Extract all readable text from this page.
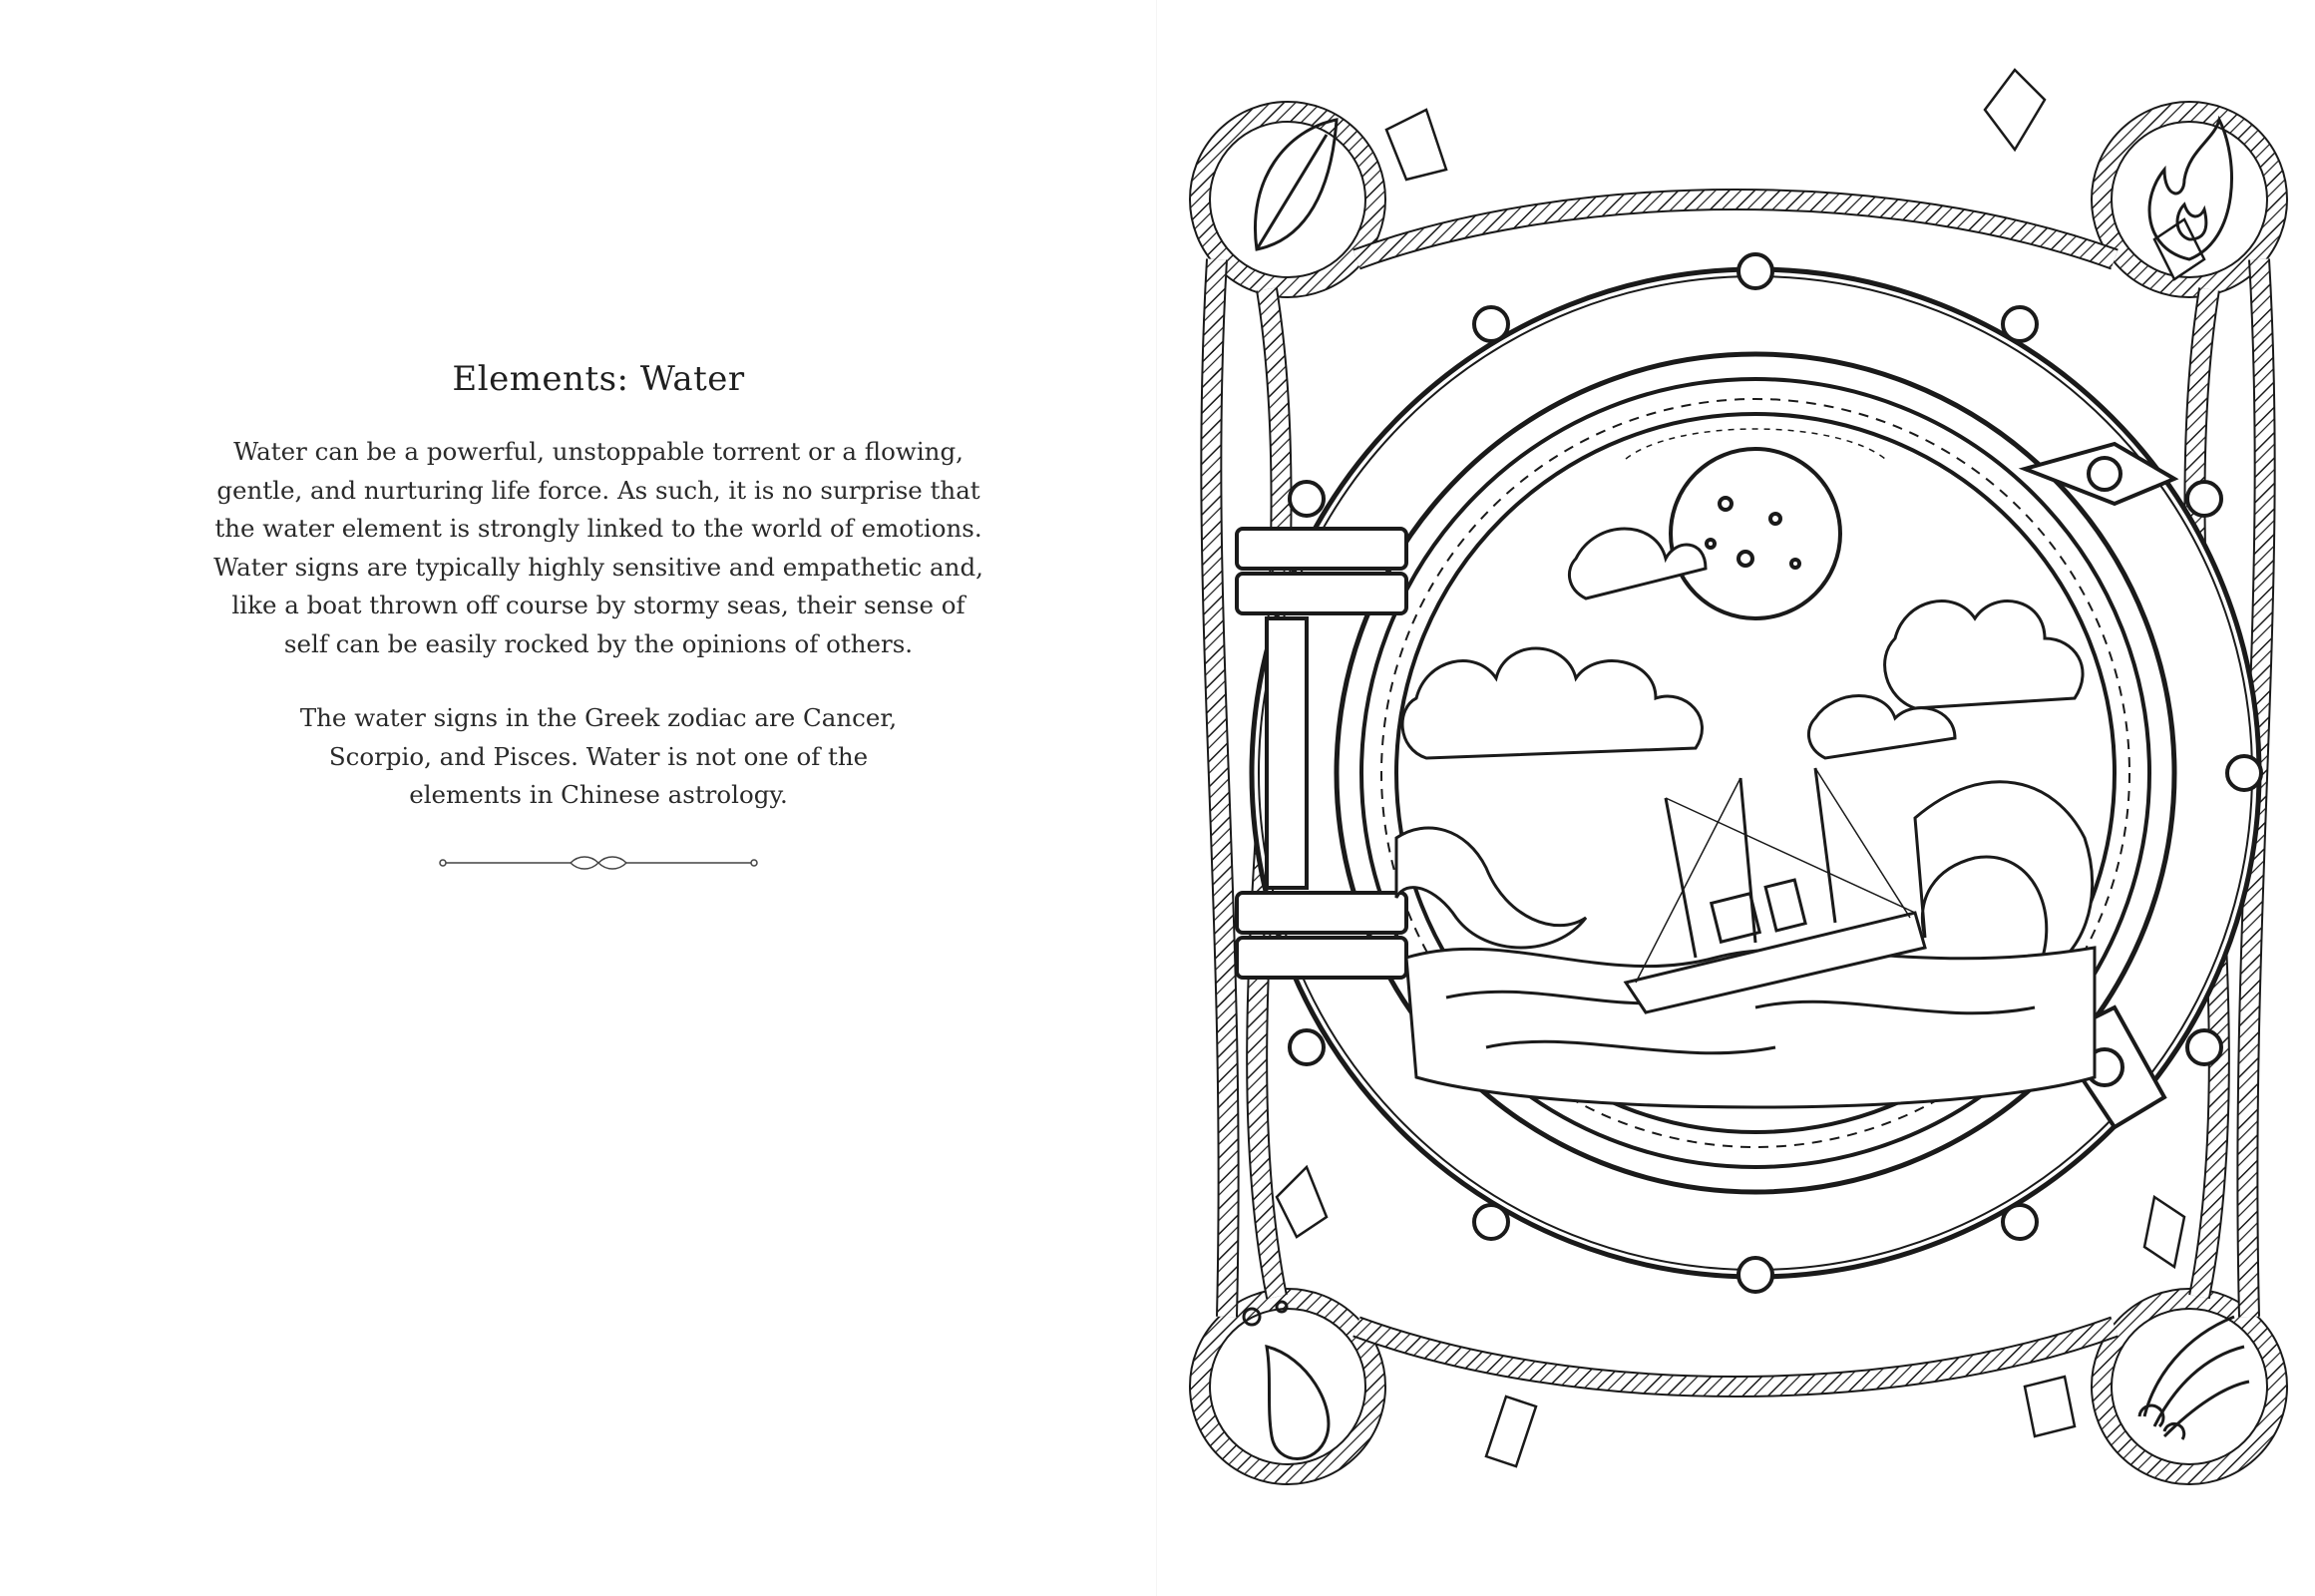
Elements: Water

Water can be a powerful, unstoppable torrent or a flowing,
gentle, and nurturing life force. As such, it is no surprise that
the water element is strongly linked to the world of emotions.
Water signs are typically highly sensitive and empathetic and,
like a boat thrown off course by stormy seas, their sense of
self can be easily rocked by the opinions of others.

The water signs in the Greek zodiac are Cancer,
Scorpio, and Pisces. Water is not one of the
elements in Chinese astrology.
